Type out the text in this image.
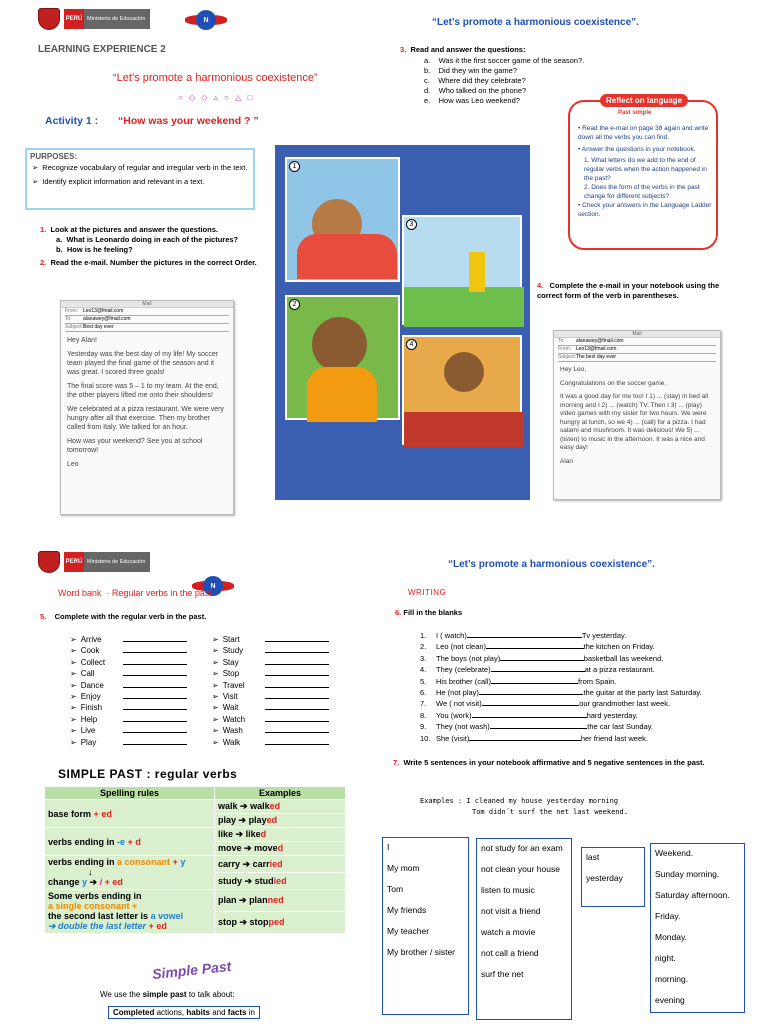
PERÚ Ministerio de Educación	N	“Let’s promote a harmonious coexistence”.
LEARNING EXPERIENCE 2
“Let’s promote a harmonious coexistence”
○ ◇ ◇ ▵ ○ △ □
Activity 1 : “How was your weekend ? ”
PURPOSES:
➢ Recognize vocabulary of regular and irregular verb in the text.
➢ Identify explicit information and relevant in a text.
1. Look at the pictures and answer the questions.
a. What is Leonardo doing in each of the pictures?
b. How is he feeling?
2. Read the e-mail. Number the pictures in the correct Order.
Mail
From: Leo13@fmail.com
To:	alanawey@fmail.com
Subject: Best day ever

Hey Alan!

Yesterday was the best day of my life! My soccer team played the final game of the season and it was great. I scored three goals!

The final score was 5 – 1 to my team. At the end, the other players lifted me onto their shoulders!

We celebrated at a pizza restaurant. We were very hungry after all that exercise. Then my brother called from Italy. We talked for an hour.

How was your weekend? See you at school tomorrow!

Leo

1
3
2
4
3. Read and answer the questions:
a. Was it the first soccer game of the season?.
b. Did they win the game?
c. Where did they celebrate?
d. Who talked on the phone?
e. How was Leo weekend?	Reflect on language
Past simple
• Read the e-mail on page 38 again and write down all the verbs you can find.
• Answer the questions in your notebook.
1. What letters do we add to the end of regular verbs when the action happened in the past?
2. Does the form of the verbs in the past change for different subjects?
• Check your answers in the Language Ladder section.
4. Complete the e-mail in your notebook using the correct form of the verb in parentheses.
Mail
To:	alanawey@fmail.com
From: Leo13@fmail.com
Subject: The best day ever

Hey Leo,

Congratulations on the soccer game.

It was a good day for me too! I 1) ... (stay) in bed all morning and I 2) ... (watch) TV. Then I 3) ... (play) video games with my sister for two hours. We were hungry at lunch, so we 4) ... (call) for a pizza. I had salami and mushroom. It was delicious! We 5) ... (listen) to music in the afternoon. It was a nice and easy day!

Alan

PERÚ Ministerio de Educación
N
“Let’s promote a harmonious coexistence”.
Word bank  · Regular verbs in the past.
5. Complete with the regular verb in the past.
➢ Arrive
➢ Cook
➢ Collect
➢ Call
➢ Dance
➢ Enjoy
➢ Finish
➢ Help
➢ Live
➢ Play
➢ Start
➢ Study
➢ Stay
➢ Stop
➢ Travel
➢ Visit
➢ Wait
➢ Watch
➢ Wash
➢ Walk
SIMPLE PAST : regular verbs
Spelling rules	Examples
base form + ed	walk ➔ walked
	play ➔ played
verbs ending in -e + d	like ➔ liked
	move ➔ moved
verbs ending in a consonant + y
↓
change y ➔ i + ed	carry ➔ carried
	study ➔ studied
Some verbs ending in
a single consonant +
the second last letter is a vowel
➔ double the last letter + ed	plan ➔ planned
	stop ➔ stopped
Simple Past
We use the simple past to talk about:
Completed actions, habits and facts in
WRITING
6. Fill in the blanks
1. I ( watch)	Tv yesterday.
2. Leo (not clean)	the kitchen on Friday.
3. The boys (not play)	basketball las weekend.
4. They (celebrate)	at a pizza restaurant.
5. His brother (call)	from Spain.
6. He (not play)	the guitar at the party last Saturday.
7. We ( not visit)	our grandmother last week.
8. You (work)	hard yesterday.
9. They (not wash)	the car last Sunday.
10. She (visit)	her friend last week.
7. Write 5 sentences in your notebook affirmative and 5 negative sentences in the past.
Examples : I cleaned my house yesterday morning
Tom didn´t surf the net last weekend.
I
My mom
Tom
My friends
My teacher
My brother / sister
not study for an exam
not clean your house
listen to music
not visit a friend
watch a movie
not call a friend
surf the net
last
yesterday
Weekend.
Sunday morning.
Saturday afternoon.
Friday.
Monday.
night.
morning.
evening
